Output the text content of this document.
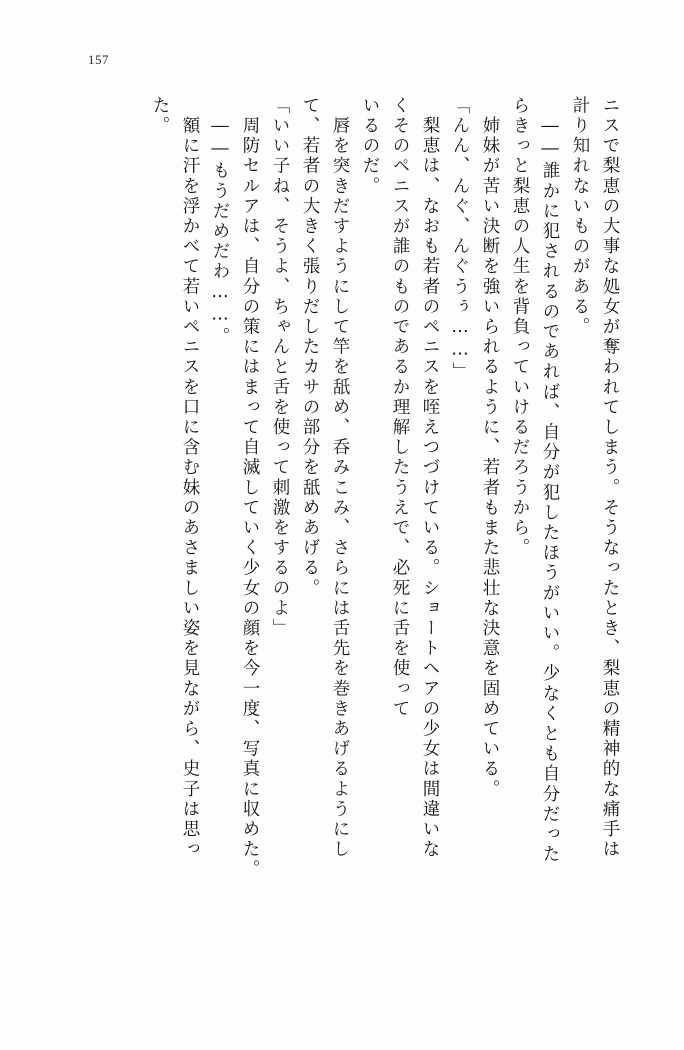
157
ニスで梨恵の大事な処女が奪われてしまう。そうなったとき、梨恵の精神的な痛手は
計り知れないものがある。
　――誰かに犯されるのであれば、自分が犯したほうがいい。少なくとも自分だった
らきっと梨恵の人生を背負っていけるだろうから。
　姉妹が苦い決断を強いられるように、若者もまた悲壮な決意を固めている。
「んん、んぐ、んぐうぅ……」
　梨恵は、なおも若者のペニスを咥えつづけている。ショートヘアの少女は間違いな
くそのペニスが誰のものであるか理解したうえで、必死に舌を使って
いるのだ。
　唇を突きだすようにして竿を舐め、呑みこみ、さらには舌先を巻きあげるようにし
て、若者の大きく張りだしたカサの部分を舐めあげる。
「いい子ね、そうよ、ちゃんと舌を使って刺激をするのよ」
　周防セルアは、自分の策にはまって自滅していく少女の顔を今一度、写真に収めた。
　――もうだめだわ……。
　額に汗を浮かべて若いペニスを口に含む妹のあさましい姿を見ながら、史子は思っ
た。
